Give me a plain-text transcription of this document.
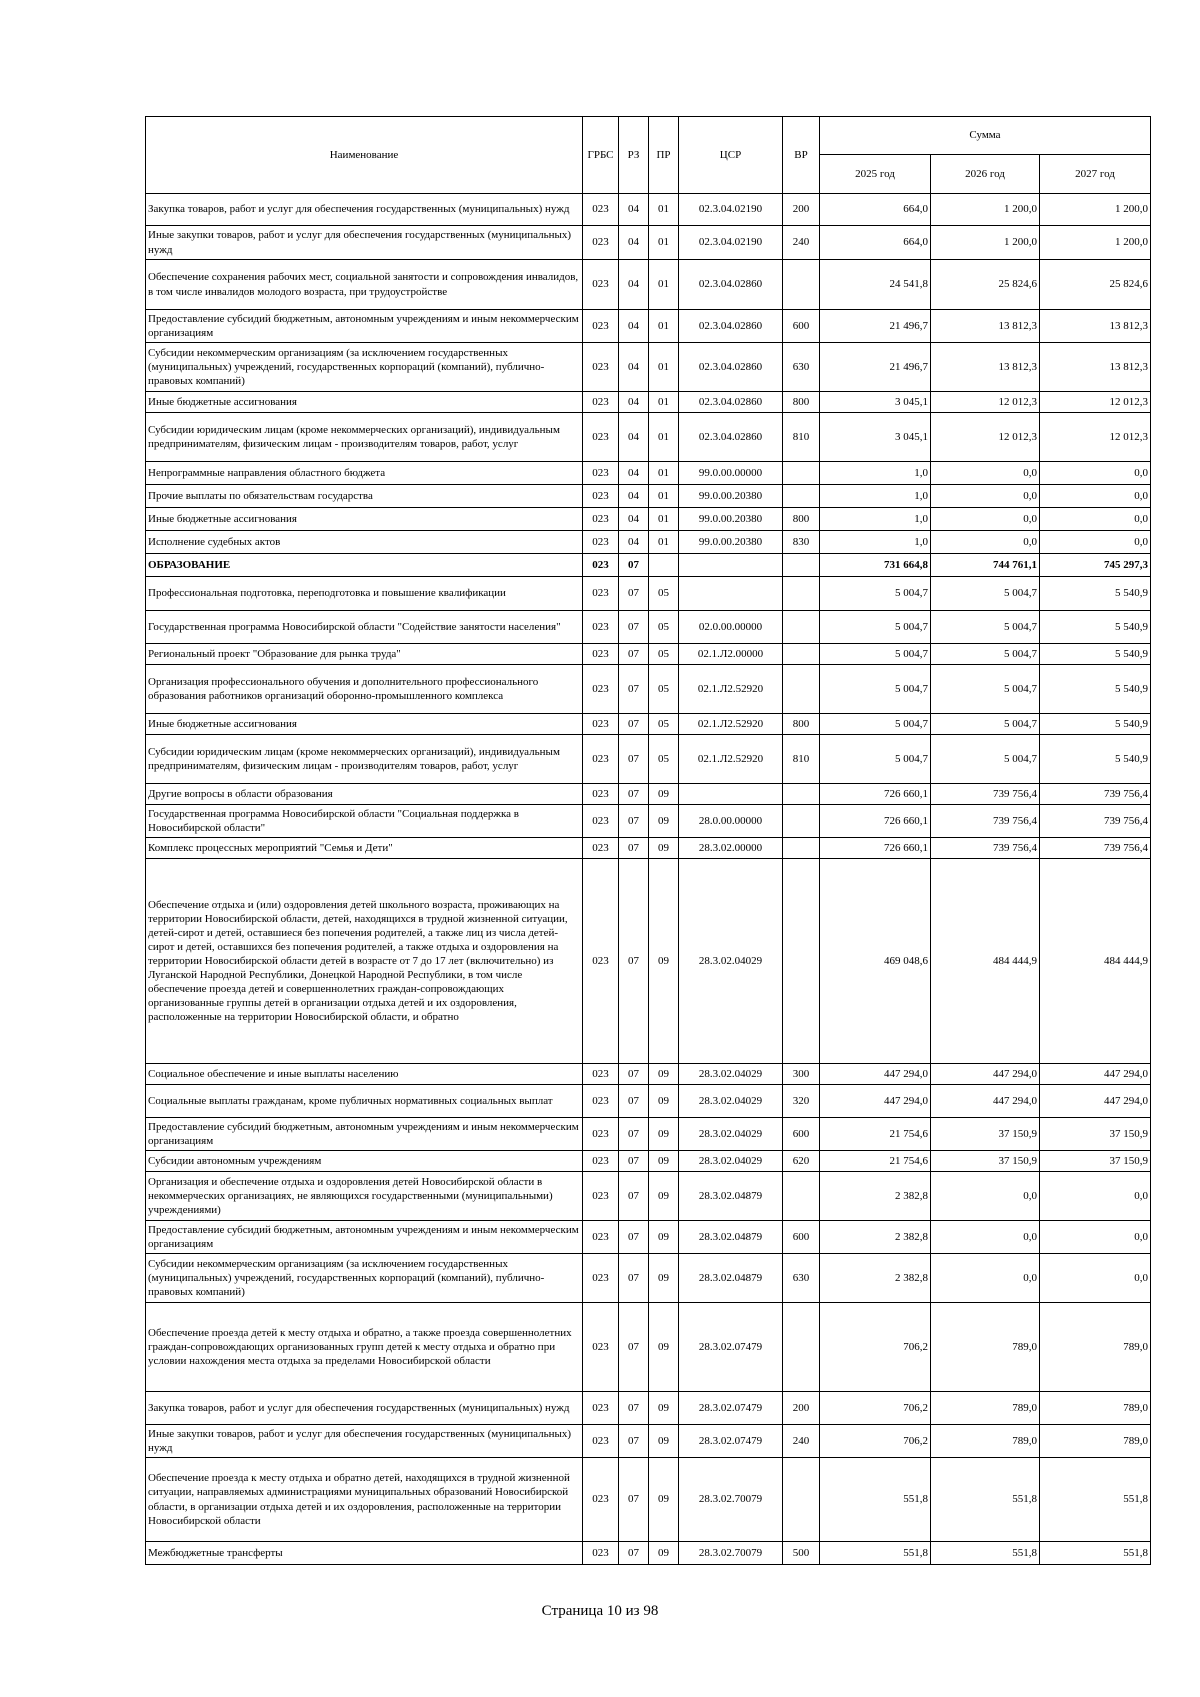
Наименование	ГРБС	РЗ	ПР	ЦСР	ВР	Сумма		
						2025 год	2026 год	2027 год
Закупка товаров, работ и услуг для обеспечения государственных (муниципальных) нужд	023	04	01	02.3.04.02190	200	664,0	1 200,0	1 200,0
Иные закупки товаров, работ и услуг для обеспечения государственных (муниципальных) нужд	023	04	01	02.3.04.02190	240	664,0	1 200,0	1 200,0
Обеспечение сохранения рабочих мест, социальной занятости и сопровождения инвалидов, в том числе инвалидов молодого возраста, при трудоустройстве	023	04	01	02.3.04.02860		24 541,8	25 824,6	25 824,6
Предоставление субсидий бюджетным, автономным учреждениям и иным некоммерческим организациям	023	04	01	02.3.04.02860	600	21 496,7	13 812,3	13 812,3
Субсидии некоммерческим организациям (за исключением государственных (муниципальных) учреждений, государственных корпораций (компаний), публично-правовых компаний)	023	04	01	02.3.04.02860	630	21 496,7	13 812,3	13 812,3
Иные бюджетные ассигнования	023	04	01	02.3.04.02860	800	3 045,1	12 012,3	12 012,3
Субсидии юридическим лицам (кроме некоммерческих организаций), индивидуальным предпринимателям, физическим лицам - производителям товаров, работ, услуг	023	04	01	02.3.04.02860	810	3 045,1	12 012,3	12 012,3
Непрограммные направления областного бюджета	023	04	01	99.0.00.00000		1,0	0,0	0,0
Прочие выплаты по обязательствам государства	023	04	01	99.0.00.20380		1,0	0,0	0,0
Иные бюджетные ассигнования	023	04	01	99.0.00.20380	800	1,0	0,0	0,0
Исполнение судебных актов	023	04	01	99.0.00.20380	830	1,0	0,0	0,0
ОБРАЗОВАНИЕ	023	07				731 664,8	744 761,1	745 297,3
Профессиональная подготовка, переподготовка и повышение квалификации	023	07	05			5 004,7	5 004,7	5 540,9
Государственная программа Новосибирской области "Содействие занятости населения"	023	07	05	02.0.00.00000		5 004,7	5 004,7	5 540,9
Региональный проект "Образование для рынка труда"	023	07	05	02.1.Л2.00000		5 004,7	5 004,7	5 540,9
Организация профессионального обучения и дополнительного профессионального образования работников организаций оборонно-промышленного комплекса	023	07	05	02.1.Л2.52920		5 004,7	5 004,7	5 540,9
Иные бюджетные ассигнования	023	07	05	02.1.Л2.52920	800	5 004,7	5 004,7	5 540,9
Субсидии юридическим лицам (кроме некоммерческих организаций), индивидуальным предпринимателям, физическим лицам - производителям товаров, работ, услуг	023	07	05	02.1.Л2.52920	810	5 004,7	5 004,7	5 540,9
Другие вопросы в области образования	023	07	09			726 660,1	739 756,4	739 756,4
Государственная программа Новосибирской области "Социальная поддержка в Новосибирской области"	023	07	09	28.0.00.00000		726 660,1	739 756,4	739 756,4
Комплекс процессных мероприятий "Семья и Дети"	023	07	09	28.3.02.00000		726 660,1	739 756,4	739 756,4
Обеспечение отдыха и (или) оздоровления детей школьного возраста, проживающих на территории Новосибирской области, детей, находящихся в трудной жизненной ситуации, детей-сирот и детей, оставшиеся без попечения родителей, а также лиц из числа детей-сирот и детей, оставшихся без попечения родителей, а также отдыха и оздоровления на территории Новосибирской области детей в возрасте от 7 до 17 лет (включительно) из Луганской Народной Республики, Донецкой Народной Республики, в том числе обеспечение проезда детей и совершеннолетних граждан-сопровождающих организованные группы детей в организации отдыха детей и их оздоровления, расположенные на территории Новосибирской области, и обратно	023	07	09	28.3.02.04029		469 048,6	484 444,9	484 444,9
Социальное обеспечение и иные выплаты населению	023	07	09	28.3.02.04029	300	447 294,0	447 294,0	447 294,0
Социальные выплаты гражданам, кроме публичных нормативных социальных выплат	023	07	09	28.3.02.04029	320	447 294,0	447 294,0	447 294,0
Предоставление субсидий бюджетным, автономным учреждениям и иным некоммерческим организациям	023	07	09	28.3.02.04029	600	21 754,6	37 150,9	37 150,9
Субсидии автономным учреждениям	023	07	09	28.3.02.04029	620	21 754,6	37 150,9	37 150,9
Организация и обеспечение отдыха и оздоровления детей Новосибирской области в некоммерческих организациях, не являющихся государственными (муниципальными) учреждениями)	023	07	09	28.3.02.04879		2 382,8	0,0	0,0
Предоставление субсидий бюджетным, автономным учреждениям и иным некоммерческим организациям	023	07	09	28.3.02.04879	600	2 382,8	0,0	0,0
Субсидии некоммерческим организациям (за исключением государственных (муниципальных) учреждений, государственных корпораций (компаний), публично-правовых компаний)	023	07	09	28.3.02.04879	630	2 382,8	0,0	0,0
Обеспечение проезда детей к месту отдыха и обратно, а также проезда совершеннолетних граждан-сопровождающих организованных групп детей к месту отдыха и обратно при условии нахождения места отдыха за пределами Новосибирской области	023	07	09	28.3.02.07479		706,2	789,0	789,0
Закупка товаров, работ и услуг для обеспечения государственных (муниципальных) нужд	023	07	09	28.3.02.07479	200	706,2	789,0	789,0
Иные закупки товаров, работ и услуг для обеспечения государственных (муниципальных) нужд	023	07	09	28.3.02.07479	240	706,2	789,0	789,0
Обеспечение проезда к месту отдыха и обратно детей, находящихся в трудной жизненной ситуации, направляемых администрациями муниципальных образований Новосибирской области, в организации отдыха детей и их оздоровления, расположенные на территории Новосибирской области	023	07	09	28.3.02.70079		551,8	551,8	551,8
Межбюджетные трансферты	023	07	09	28.3.02.70079	500	551,8	551,8	551,8
Страница 10 из 98
